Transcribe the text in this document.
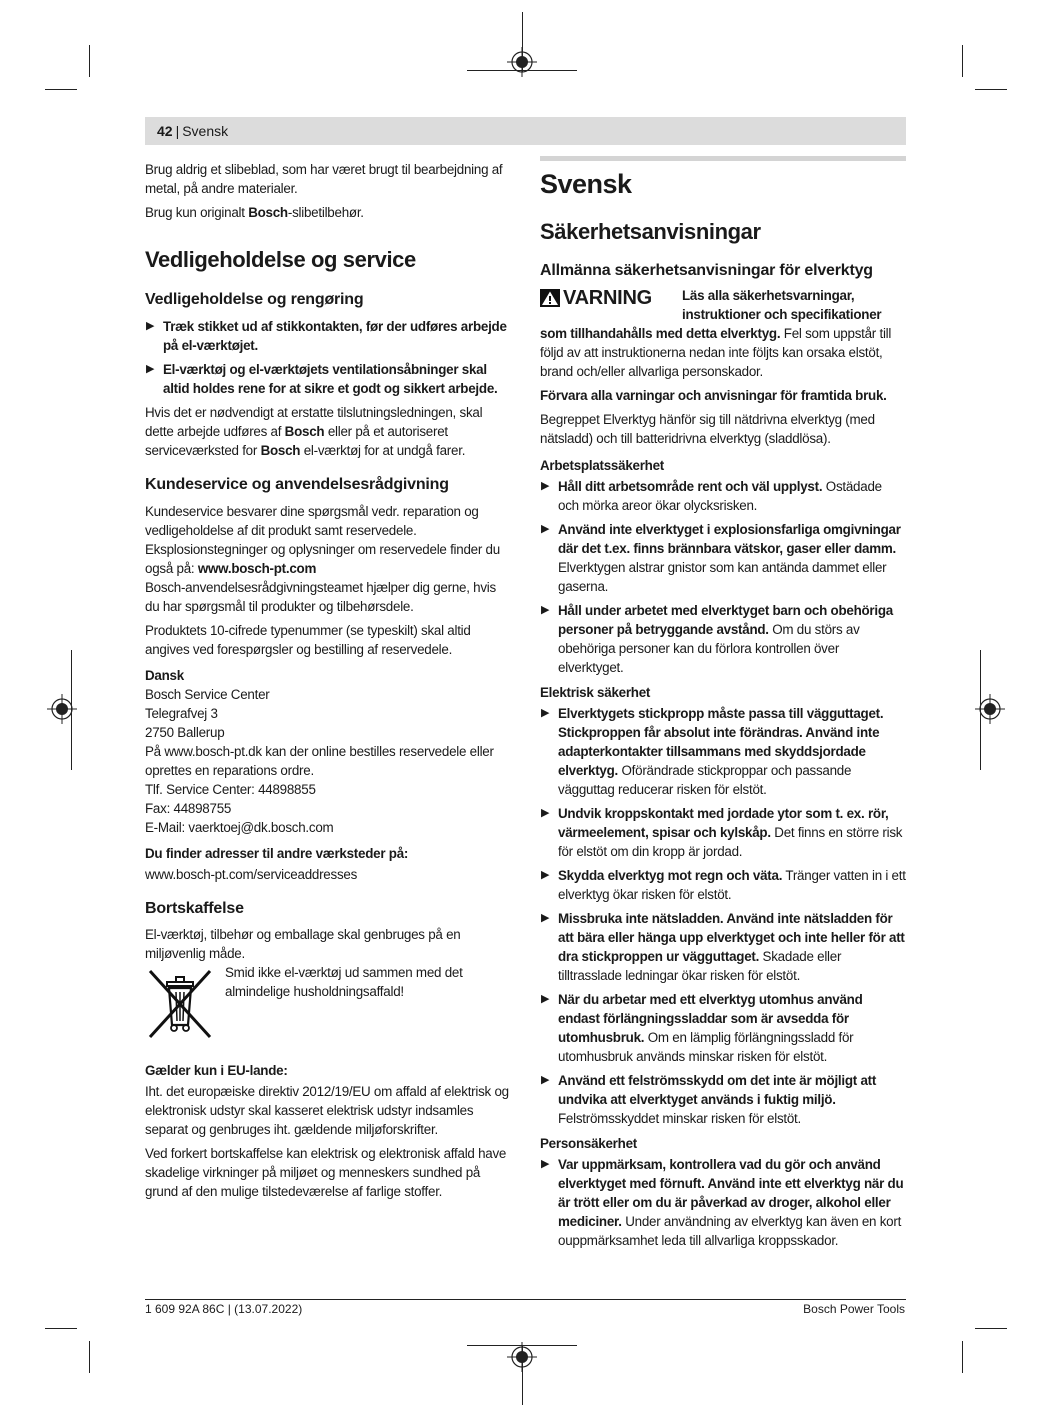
42 | Svensk

Brug aldrig et slibeblad, som har været brugt til bearbejdning af metal, på andre materialer.

Brug kun originalt Bosch-slibetilbehør.

Vedligeholdelse og service
Vedligeholdelse og rengøring
▶ Træk stikket ud af stikkontakten, før der udføres arbejde på el-værktøjet.
▶ El-værktøj og el-værktøjets ventilationsåbninger skal altid holdes rene for at sikre et godt og sikkert arbejde.

Hvis det er nødvendigt at erstatte tilslutningsledningen, skal dette arbejde udføres af Bosch eller på et autoriseret serviceværksted for Bosch el-værktøj for at undgå farer.

Kundeservice og anvendelsesrådgivning

Kundeservice besvarer dine spørgsmål vedr. reparation og vedligeholdelse af dit produkt samt reservedele. Eksplosionstegninger og oplysninger om reservedele finder du også på: www.bosch-pt.com

Bosch-anvendelsesrådgivningsteamet hjælper dig gerne, hvis du har spørgsmål til produkter og tilbehørsdele.

Produktets 10-cifrede typenummer (se typeskilt) skal altid angives ved forespørgsler og bestilling af reservedele.

Dansk
Bosch Service Center
Telegrafvej 3
2750 Ballerup
På www.bosch-pt.dk kan der online bestilles reservedele eller oprettes en reparations ordre.
Tlf. Service Center: 44898855
Fax: 44898755
E-Mail: vaerktoej@dk.bosch.com
Du finder adresser til andre værksteder på:

www.bosch-pt.com/serviceaddresses

Bortskaffelse

El-værktøj, tilbehør og emballage skal genbruges på en miljøvenlig måde.

Smid ikke el-værktøj ud sammen med det almindelige husholdningsaffald!
Gælder kun i EU-lande:

Iht. det europæiske direktiv 2012/19/EU om affald af elektrisk og elektronisk udstyr skal kasseret elektrisk udstyr indsamles separat og genbruges iht. gældende miljøforskrifter.

Ved forkert bortskaffelse kan elektrisk og elektronisk affald have skadelige virkninger på miljøet og menneskers sundhed på grund af den mulige tilstedeværelse af farlige stoffer.

Svensk
Säkerhetsanvisningar
Allmänna säkerhetsanvisningar för elverktyg
VARNING Läs alla säkerhetsvarningar, instruktioner och specifikationer

som tillhandahålls med detta elverktyg. Fel som uppstår till följd av att instruktionerna nedan inte följts kan orsaka elstöt, brand och/eller allvarliga personskador.

Förvara alla varningar och anvisningar för framtida bruk.

Begreppet Elverktyg hänför sig till nätdrivna elverktyg (med nätsladd) och till batteridrivna elverktyg (sladdlösa).

Arbetsplatssäkerhet
▶ Håll ditt arbetsområde rent och väl upplyst. Ostädade och mörka areor ökar olycksrisken.
▶ Använd inte elverktyget i explosionsfarliga omgivningar där det t.ex. finns brännbara vätskor, gaser eller damm. Elverktygen alstrar gnistor som kan antända dammet eller gaserna.
▶ Håll under arbetet med elverktyget barn och obehöriga personer på betryggande avstånd. Om du störs av obehöriga personer kan du förlora kontrollen över elverktyget.
Elektrisk säkerhet
▶ Elverktygets stickpropp måste passa till vägguttaget. Stickproppen får absolut inte förändras. Använd inte adapterkontakter tillsammans med skyddsjordade elverktyg. Oförändrade stickproppar och passande vägguttag reducerar risken för elstöt.
▶ Undvik kroppskontakt med jordade ytor som t. ex. rör, värmeelement, spisar och kylskåp. Det finns en större risk för elstöt om din kropp är jordad.
▶ Skydda elverktyg mot regn och väta. Tränger vatten in i ett elverktyg ökar risken för elstöt.
▶ Missbruka inte nätsladden. Använd inte nätsladden för att bära eller hänga upp elverktyget och inte heller för att dra stickproppen ur vägguttaget. Skadade eller tilltrasslade ledningar ökar risken för elstöt.
▶ När du arbetar med ett elverktyg utomhus använd endast förlängningssladdar som är avsedda för utomhusbruk. Om en lämplig förlängningssladd för utomhusbruk används minskar risken för elstöt.
▶ Använd ett felströmsskydd om det inte är möjligt att undvika att elverktyget används i fuktig miljö. Felströmsskyddet minskar risken för elstöt.
Personsäkerhet
▶ Var uppmärksam, kontrollera vad du gör och använd elverktyget med förnuft. Använd inte ett elverktyg när du är trött eller om du är påverkad av droger, alkohol eller mediciner. Under användning av elverktyg kan även en kort ouppmärksamhet leda till allvarliga kroppsskador.
1 609 92A 86C | (13.07.2022)	Bosch Power Tools
